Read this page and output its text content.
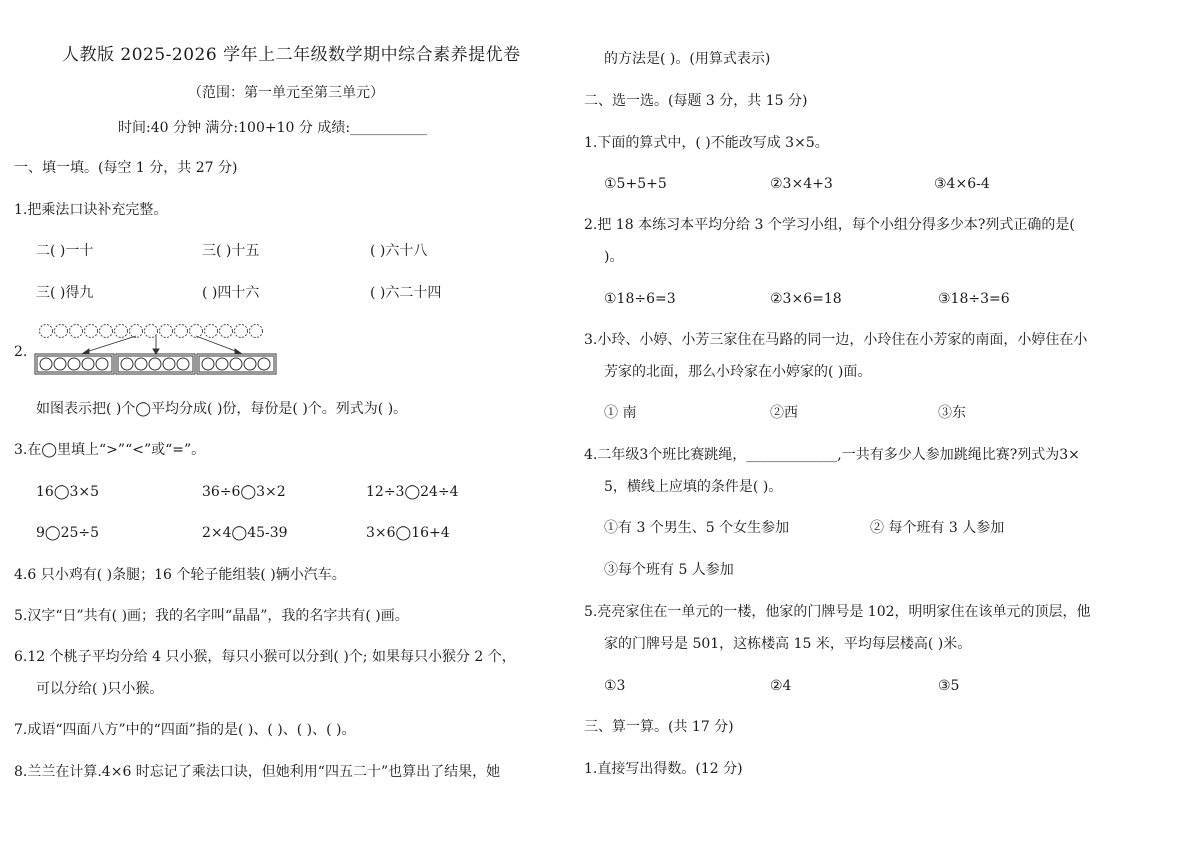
人教版 2025-2026 学年上二年级数学期中综合素养提优卷
（范围：第一单元至第三单元）
时间:40 分钟 满分:100+10 分 成绩:___________
一、填一填。(每空 1 分，共 27 分)
1.把乘法口诀补充完整。
二( )一十	三( )十五	( )六十八
三( )得九	( )四十六	( )六二十四
2.
如图表示把( )个◯平均分成( )份，每份是( )个。列式为( )。
3.在◯里填上“>”“<”或“=”。
16◯3×5	36÷6◯3×2	12÷3◯24÷4
9◯25÷5	2×4◯45-39	3×6◯16+4
4.6 只小鸡有( )条腿；16 个轮子能组装( )辆小汽车。
5.汉字“日”共有( )画；我的名字叫“晶晶”，我的名字共有( )画。
6.12 个桃子平均分给 4 只小猴，每只小猴可以分到( )个; 如果每只小猴分 2 个，
可以分给( )只小猴。
7.成语“四面八方”中的“四面”指的是( )、( )、( )、( )。
8.兰兰在计算.4×6 时忘记了乘法口诀，但她利用“四五二十”也算出了结果，她
的方法是( )。(用算式表示)
二、选一选。(每题 3 分，共 15 分)
1.下面的算式中，( )不能改写成 3×5。
①5+5+5	②3×4+3	③4×6-4
2.把 18 本练习本平均分给 3 个学习小组，每个小组分得多少本?列式正确的是(
)。
①18÷6=3	②3×6=18	③18÷3=6
3.小玲、小婷、小芳三家住在马路的同一边，小玲住在小芳家的南面，小婷住在小
芳家的北面，那么小玲家在小婷家的( )面。
① 南	②西	③东
4.二年级3个班比赛跳绳，_____________,一共有多少人参加跳绳比赛?列式为3×
5，横线上应填的条件是( )。
①有 3 个男生、5 个女生参加	② 每个班有 3 人参加
③每个班有 5 人参加
5.亮亮家住在一单元的一楼，他家的门牌号是 102，明明家住在该单元的顶层，他
家的门牌号是 501，这栋楼高 15 米，平均每层楼高( )米。
①3	②4	③5
三、算一算。(共 17 分)
1.直接写出得数。(12 分)
